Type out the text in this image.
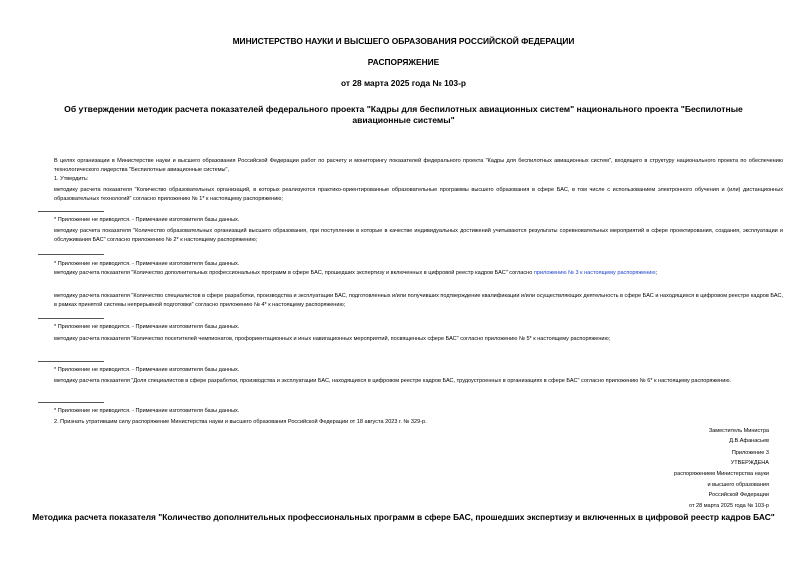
МИНИСТЕРСТВО НАУКИ И ВЫСШЕГО ОБРАЗОВАНИЯ РОССИЙСКОЙ ФЕДЕРАЦИИ
РАСПОРЯЖЕНИЕ
от 28 марта 2025 года № 103-р
Об утверждении методик расчета показателей федерального проекта "Кадры для беспилотных авиационных систем" национального проекта "Беспилотные авиационные системы"
В целях организации в Министерстве науки и высшего образования Российской Федерации работ по расчету и мониторингу показателей федерального проекта "Кадры для беспилотных авиационных систем", входящего в структуру национального проекта по обеспечению технологического лидерства "Беспилотные авиационные системы",
1. Утвердить:
методику расчета показателя "Количество образовательных организаций, в которых реализуются практико-ориентированные образовательные программы высшего образования в сфере БАС, в том числе с использованием электронного обучения и (или) дистанционных образовательных технологий" согласно приложению № 1* к настоящему распоряжению;
* Приложение не приводится. - Примечание изготовителя базы данных.
методику расчета показателя "Количество образовательных организаций высшего образования, при поступлении в которые в качестве индивидуальных достижений учитываются результаты соревновательных мероприятий в сфере проектирования, создания, эксплуатации и обслуживания БАС" согласно приложению № 2* к настоящему распоряжению;
* Приложение не приводится. - Примечание изготовителя базы данных.
методику расчета показателя "Количество дополнительных профессиональных программ в сфере БАС, прошедших экспертизу и включенных в цифровой реестр кадров БАС" согласно приложению № 3 к настоящему распоряжению;
методику расчета показателя "Количество специалистов в сфере разработки, производства и эксплуатации БАС, подготовленных и/или получивших подтверждение квалификации и/или осуществляющих деятельность в сфере БАС и находящихся в цифровом реестре кадров БАС, в рамках принятой системы непрерывной подготовки" согласно приложению № 4* к настоящему распоряжению;
* Приложение не приводится. - Примечание изготовителя базы данных.
методику расчета показателя "Количество посетителей чемпионатов, профориентационных и иных навигационных мероприятий, посвященных сфере БАС" согласно приложению № 5* к настоящему распоряжению;
* Приложение не приводится. - Примечание изготовителя базы данных.
методику расчета показателя "Доля специалистов в сфере разработки, производства и эксплуатации БАС, находящихся в цифровом реестре кадров БАС, трудоустроенных в организациях в сфере БАС" согласно приложению № 6* к настоящему распоряжению.
* Приложение не приводится. - Примечание изготовителя базы данных.
2. Признать утратившим силу распоряжение Министерства науки и высшего образования Российской Федерации от 18 августа 2023 г. № 329-р.
Заместитель Министра
Д.В.Афанасьев
Приложение 3
УТВЕРЖДЕНА
распоряжением Министерства науки
и высшего образования
Российской Федерации
от 28 марта 2025 года № 103-р
Методика расчета показателя "Количество дополнительных профессиональных программ в сфере БАС, прошедших экспертизу и включенных в цифровой реестр кадров БАС"
